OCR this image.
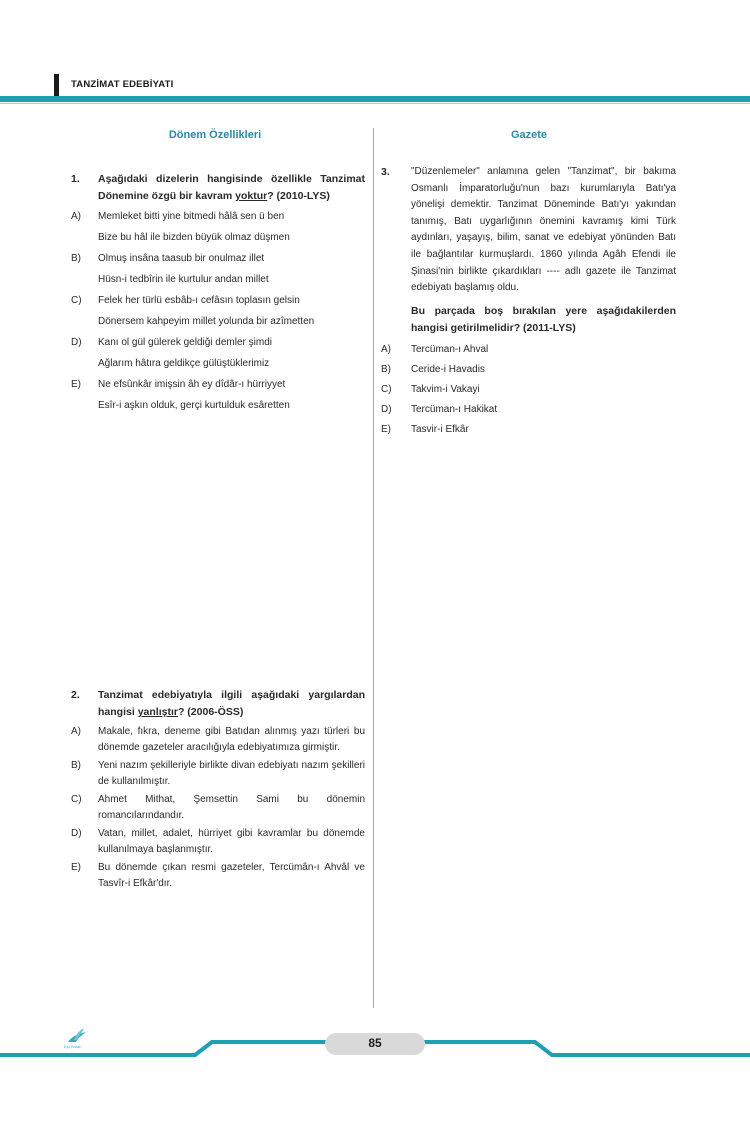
TANZİMAT EDEBİYATI
Dönem Özellikleri	Gazete
1. Aşağıdaki dizelerin hangisinde özellikle Tanzimat Dönemine özgü bir kavram yoktur? (2010-LYS)
A) Memleket bitti yine bitmedi hâlâ sen ü ben
Bize bu hâl ile bizden büyük olmaz düşmen
B) Olmuş insâna taasub bir onulmaz illet
Hüsn-i tedbîrin ile kurtulur andan millet
C) Felek her türlü esbâb-ı cefâsın toplasın gelsin
Dönersem kahpeyim millet yolunda bir azîmetten
D) Kanı ol gül gülerek geldiği demler şimdi
Ağlarım hâtıra geldikçe gülüştüklerimiz
E) Ne efsûnkâr imişsin âh ey dîdâr-ı hürriyyet
Esîr-i aşkın olduk, gerçi kurtulduk esâretten
2. Tanzimat edebiyatıyla ilgili aşağıdaki yargılardan hangisi yanlıştır? (2006-ÖSS)
A) Makale, fıkra, deneme gibi Batıdan alınmış yazı türleri bu dönemde gazeteler aracılığıyla edebiyatımıza girmiştir.
B) Yeni nazım şekilleriyle birlikte divan edebiyatı nazım şekilleri de kullanılmıştır.
C) Ahmet Mithat, Şemsettin Sami bu dönemin romancılarındandır.
D) Vatan, millet, adalet, hürriyet gibi kavramlar bu dönemde kullanılmaya başlanmıştır.
E) Bu dönemde çıkan resmi gazeteler, Tercümân-ı Ahvâl ve Tasvîr-i Efkâr'dır.
3. "Düzenlemeler" anlamına gelen "Tanzimat", bir bakıma Osmanlı İmparatorluğu'nun bazı kurumlarıyla Batı'ya yönelişi demektir. Tanzimat Döneminde Batı'yı yakından tanımış, Batı uygarlığının önemini kavramış kimi Türk aydınları, yaşayış, bilim, sanat ve edebiyat yönünden Batı ile bağlantılar kurmuşlardı. 1860 yılında Agâh Efendi ile Şinasi'nin birlikte çıkardıkları ---- adlı gazete ile Tanzimat edebiyatı başlamış oldu.
Bu parçada boş bırakılan yere aşağıdakilerden hangisi getirilmelidir? (2011-LYS)
A) Tercüman-ı Ahval
B) Ceride-i Havadis
C) Takvim-i Vakayi
D) Tercüman-ı Hakikat
E) Tasvir-i Efkâr
Eşi Yolları	85
